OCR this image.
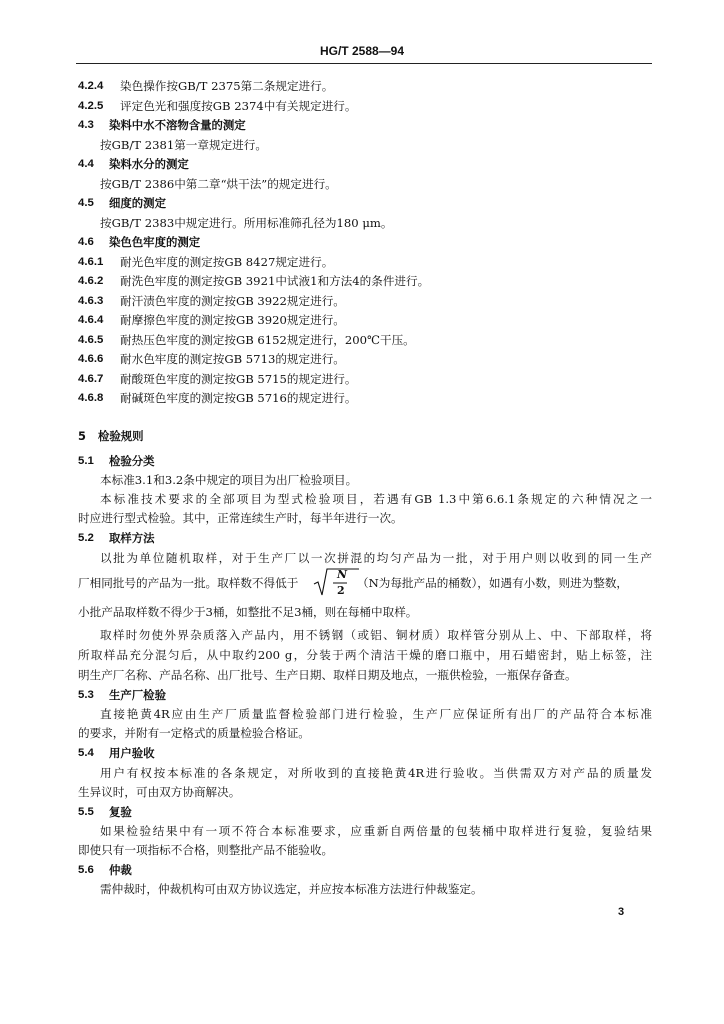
HG/T 2588—94
4.2.4 染色操作按GB/T 2375第二条规定进行。
4.2.5 评定色光和强度按GB 2374中有关规定进行。
4.3 染料中水不溶物含量的测定
按GB/T 2381第一章规定进行。
4.4 染料水分的测定
按GB/T 2386中第二章“烘干法”的规定进行。
4.5 细度的测定
按GB/T 2383中规定进行。所用标准筛孔径为180 μm。
4.6 染色色牢度的测定
4.6.1 耐光色牢度的测定按GB 8427规定进行。
4.6.2 耐洗色牢度的测定按GB 3921中试液1和方法4的条件进行。
4.6.3 耐汗渍色牢度的测定按GB 3922规定进行。
4.6.4 耐摩擦色牢度的测定按GB 3920规定进行。
4.6.5 耐热压色牢度的测定按GB 6152规定进行，200℃干压。
4.6.6 耐水色牢度的测定按GB 5713的规定进行。
4.6.7 耐酸斑色牢度的测定按GB 5715的规定进行。
4.6.8 耐碱斑色牢度的测定按GB 5716的规定进行。
5 检验规则
5.1 检验分类
本标准3.1和3.2条中规定的项目为出厂检验项目。
本标准技术要求的全部项目为型式检验项目，若遇有GB 1.3中第6.6.1条规定的六种情况之一
时应进行型式检验。其中，正常连续生产时，每半年进行一次。
5.2 取样方法
以批为单位随机取样，对于生产厂以一次拼混的均匀产品为一批，对于用户则以收到的同一生产
厂相同批号的产品为一批。取样数不得低于
N
2
（N为每批产品的桶数），如遇有小数，则进为整数，
小批产品取样数不得少于3桶，如整批不足3桶，则在每桶中取样。
取样时勿使外界杂质落入产品内，用不锈钢（或铝、铜材质）取样管分别从上、中、下部取样，将
所取样品充分混匀后，从中取约200 g，分装于两个清洁干燥的磨口瓶中，用石蜡密封，贴上标签，注
明生产厂名称、产品名称、出厂批号、生产日期、取样日期及地点，一瓶供检验，一瓶保存备查。
5.3 生产厂检验
直接艳黄4R应由生产厂质量监督检验部门进行检验，生产厂应保证所有出厂的产品符合本标准
的要求，并附有一定格式的质量检验合格证。
5.4 用户验收
用户有权按本标准的各条规定，对所收到的直接艳黄4R进行验收。当供需双方对产品的质量发
生异议时，可由双方协商解决。
5.5 复验
如果检验结果中有一项不符合本标准要求，应重新自两倍量的包装桶中取样进行复验，复验结果
即使只有一项指标不合格，则整批产品不能验收。
5.6 仲裁
需仲裁时，仲裁机构可由双方协议选定，并应按本标准方法进行仲裁鉴定。
3
